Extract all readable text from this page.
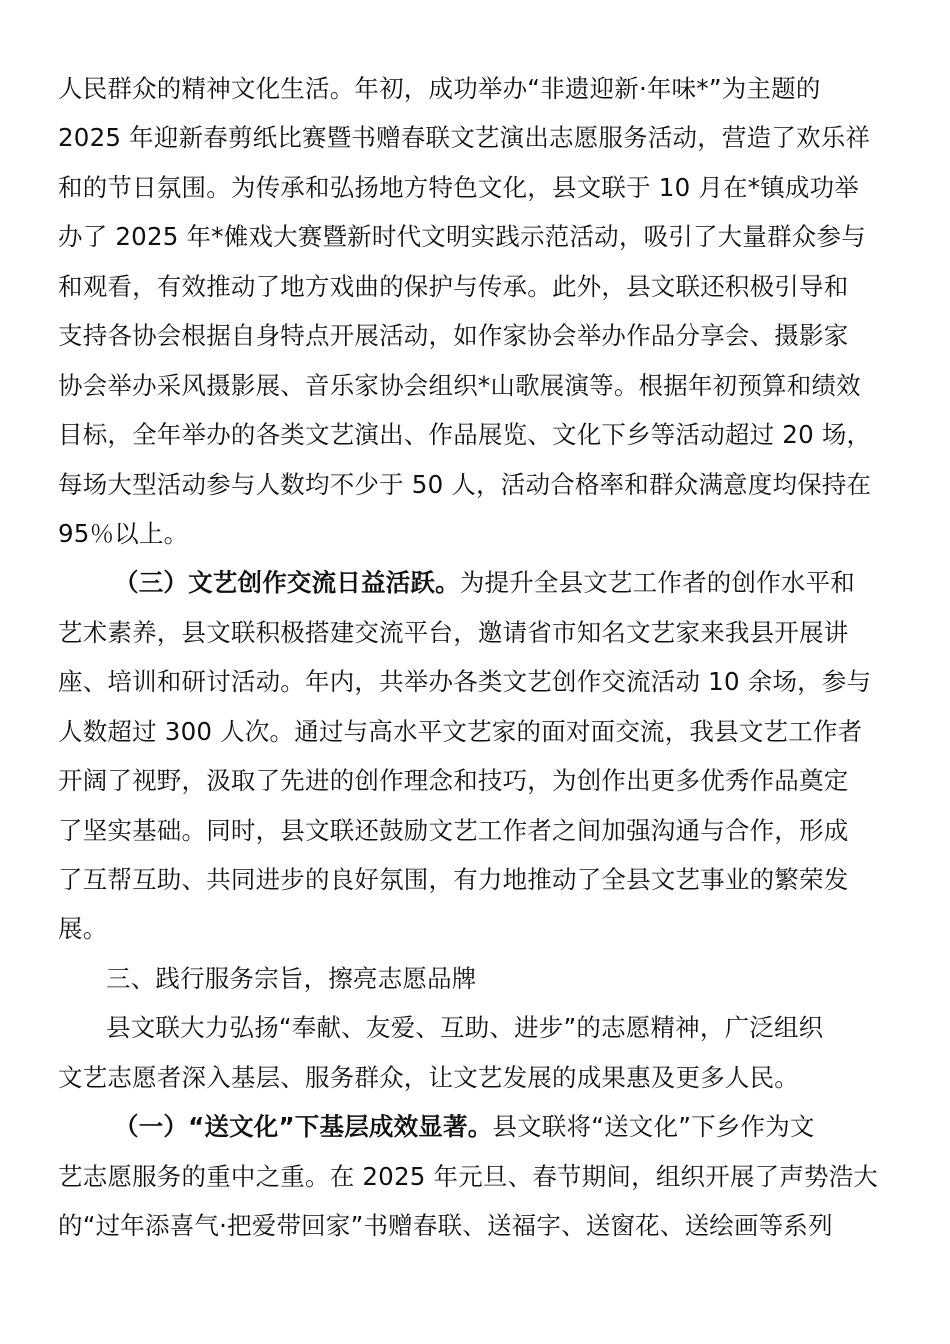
人民群众的精神文化生活。年初，成功举办“非遗迎新·年味*”为主题的
2025 年迎新春剪纸比赛暨书赠春联文艺演出志愿服务活动，营造了欢乐祥
和的节日氛围。为传承和弘扬地方特色文化，县文联于 10 月在*镇成功举
办了 2025 年*傩戏大赛暨新时代文明实践示范活动，吸引了大量群众参与
和观看，有效推动了地方戏曲的保护与传承。此外，县文联还积极引导和
支持各协会根据自身特点开展活动，如作家协会举办作品分享会、摄影家
协会举办采风摄影展、音乐家协会组织*山歌展演等。根据年初预算和绩效
目标，全年举办的各类文艺演出、作品展览、文化下乡等活动超过 20 场，
每场大型活动参与人数均不少于 50 人，活动合格率和群众满意度均保持在
95％以上。
（三）文艺创作交流日益活跃。为提升全县文艺工作者的创作水平和
艺术素养，县文联积极搭建交流平台，邀请省市知名文艺家来我县开展讲
座、培训和研讨活动。年内，共举办各类文艺创作交流活动 10 余场，参与
人数超过 300 人次。通过与高水平文艺家的面对面交流，我县文艺工作者
开阔了视野，汲取了先进的创作理念和技巧，为创作出更多优秀作品奠定
了坚实基础。同时，县文联还鼓励文艺工作者之间加强沟通与合作，形成
了互帮互助、共同进步的良好氛围，有力地推动了全县文艺事业的繁荣发
展。
三、践行服务宗旨，擦亮志愿品牌
县文联大力弘扬“奉献、友爱、互助、进步”的志愿精神，广泛组织
文艺志愿者深入基层、服务群众，让文艺发展的成果惠及更多人民。
（一）“送文化”下基层成效显著。县文联将“送文化”下乡作为文
艺志愿服务的重中之重。在 2025 年元旦、春节期间，组织开展了声势浩大
的“过年添喜气·把爱带回家”书赠春联、送福字、送窗花、送绘画等系列
